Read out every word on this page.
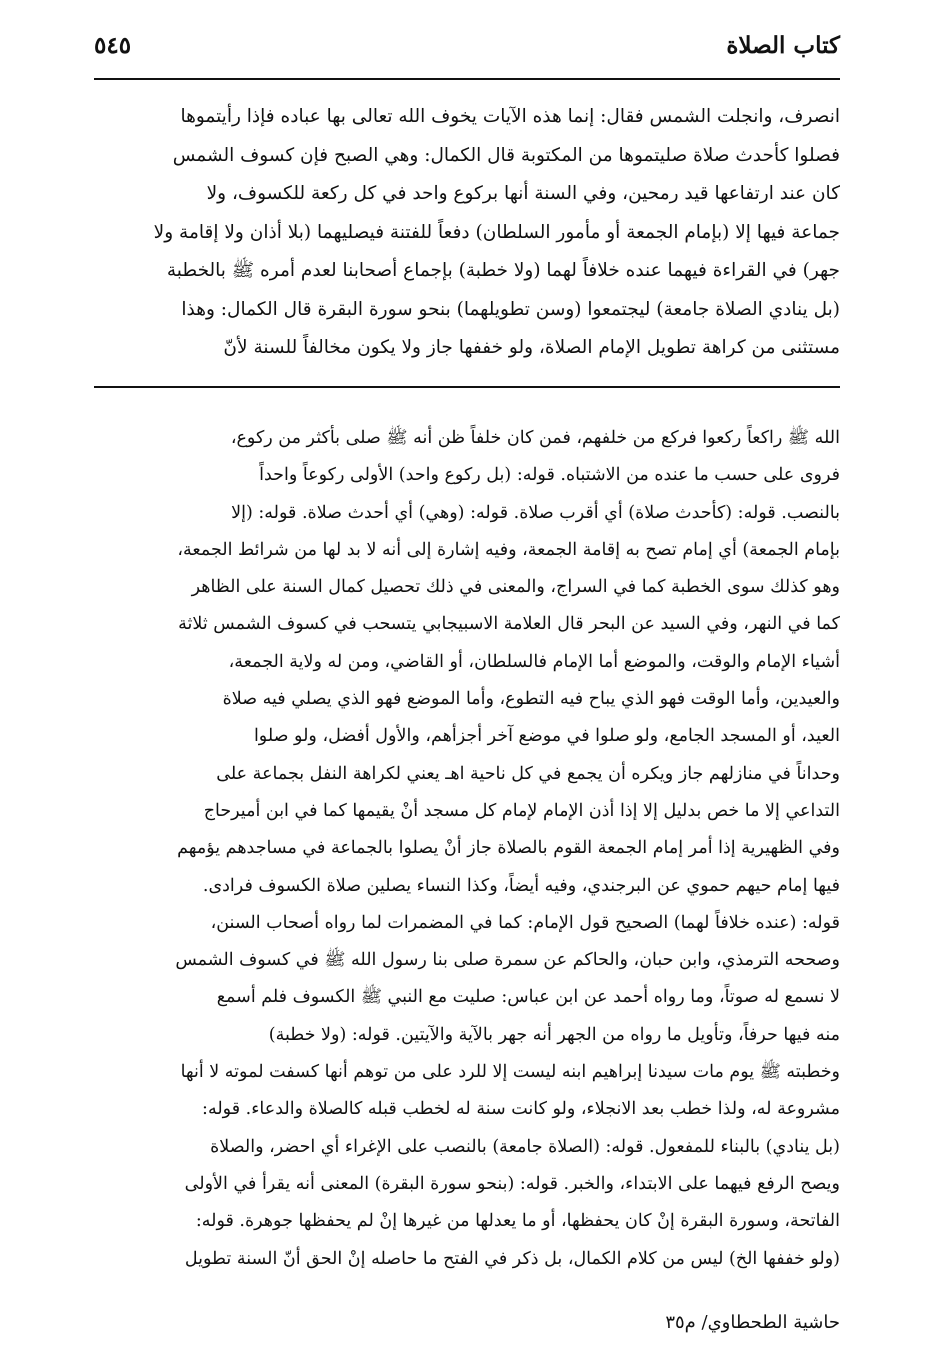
كتاب الصلاة
٥٤٥
انصرف، وانجلت الشمس فقال: إنما هذه الآيات يخوف الله تعالى بها عباده فإذا رأيتموها
فصلوا كأحدث صلاة صليتموها من المكتوبة قال الكمال: وهي الصبح فإن كسوف الشمس
كان عند ارتفاعها قيد رمحين، وفي السنة أنها بركوع واحد في كل ركعة للكسوف، ولا
جماعة فيها إلا (بإمام الجمعة أو مأمور السلطان) دفعاً للفتنة فيصليهما (بلا أذان ولا إقامة ولا
جهر) في القراءة فيهما عنده خلافاً لهما (ولا خطبة) بإجماع أصحابنا لعدم أمره ﷺ بالخطبة
(بل ينادي الصلاة جامعة) ليجتمعوا (وسن تطويلهما) بنحو سورة البقرة قال الكمال: وهذا
مستثنى من كراهة تطويل الإمام الصلاة، ولو خففها جاز ولا يكون مخالفاً للسنة لأنّ
الله ﷺ راكعاً ركعوا فركع من خلفهم، فمن كان خلفاً ظن أنه ﷺ صلى بأكثر من ركوع،
فروى على حسب ما عنده من الاشتباه. قوله: (بل ركوع واحد) الأولى ركوعاً واحداً
بالنصب. قوله: (كأحدث صلاة) أي أقرب صلاة. قوله: (وهي) أي أحدث صلاة. قوله: (إلا
بإمام الجمعة) أي إمام تصح به إقامة الجمعة، وفيه إشارة إلى أنه لا بد لها من شرائط الجمعة،
وهو كذلك سوى الخطبة كما في السراج، والمعنى في ذلك تحصيل كمال السنة على الظاهر
كما في النهر، وفي السيد عن البحر قال العلامة الاسبيجابي يتسحب في كسوف الشمس ثلاثة
أشياء الإمام والوقت، والموضع أما الإمام فالسلطان، أو القاضي، ومن له ولاية الجمعة،
والعيدين، وأما الوقت فهو الذي يباح فيه التطوع، وأما الموضع فهو الذي يصلي فيه صلاة
العيد، أو المسجد الجامع، ولو صلوا في موضع آخر أجزأهم، والأول أفضل، ولو صلوا
وحداناً في منازلهم جاز ويكره أن يجمع في كل ناحية اهـ يعني لكراهة النفل بجماعة على
التداعي إلا ما خص بدليل إلا إذا أذن الإمام لإمام كل مسجد أنْ يقيمها كما في ابن أميرحاج
وفي الظهيرية إذا أمر إمام الجمعة القوم بالصلاة جاز أنْ يصلوا بالجماعة في مساجدهم يؤمهم
فيها إمام حيهم حموي عن البرجندي، وفيه أيضاً، وكذا النساء يصلين صلاة الكسوف فرادى.
قوله: (عنده خلافاً لهما) الصحيح قول الإمام: كما في المضمرات لما رواه أصحاب السنن،
وصححه الترمذي، وابن حبان، والحاكم عن سمرة صلى بنا رسول الله ﷺ في كسوف الشمس
لا نسمع له صوتاً، وما رواه أحمد عن ابن عباس: صليت مع النبي ﷺ الكسوف فلم أسمع
منه فيها حرفاً، وتأويل ما رواه من الجهر أنه جهر بالآية والآيتين. قوله: (ولا خطبة)
وخطبته ﷺ يوم مات سيدنا إبراهيم ابنه ليست إلا للرد على من توهم أنها كسفت لموته لا أنها
مشروعة له، ولذا خطب بعد الانجلاء، ولو كانت سنة له لخطب قبله كالصلاة والدعاء. قوله:
(بل ينادي) بالبناء للمفعول. قوله: (الصلاة جامعة) بالنصب على الإغراء أي احضر، والصلاة
ويصح الرفع فيهما على الابتداء، والخبر. قوله: (بنحو سورة البقرة) المعنى أنه يقرأ في الأولى
الفاتحة، وسورة البقرة إنْ كان يحفظها، أو ما يعدلها من غيرها إنْ لم يحفظها جوهرة. قوله:
(ولو خففها الخ) ليس من كلام الكمال، بل ذكر في الفتح ما حاصله إنْ الحق أنّ السنة تطويل
حاشية الطحطاوي/ م٣٥
